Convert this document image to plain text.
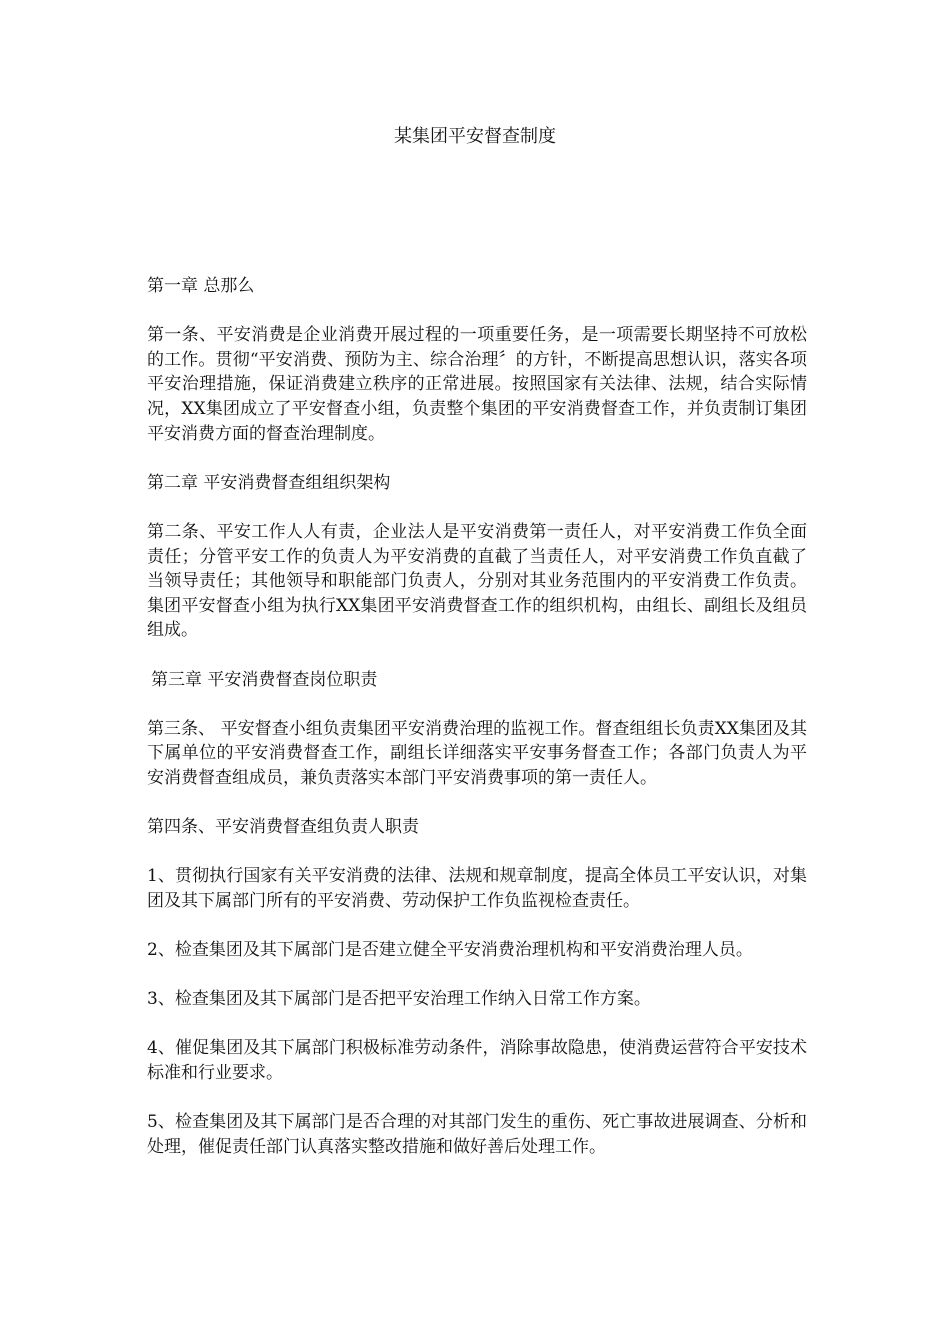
某集团平安督查制度

第一章 总那么

第一条、平安消费是企业消费开展过程的一项重要任务，是一项需要长期坚持不可放松的工作。贯彻“平安消费、预防为主、综合治理〞的方针，不断提高思想认识，落实各项平安治理措施，保证消费建立秩序的正常进展。按照国家有关法律、法规，结合实际情况，XX集团成立了平安督查小组，负责整个集团的平安消费督查工作，并负责制订集团平安消费方面的督查治理制度。

第二章 平安消费督查组组织架构

第二条、平安工作人人有责，企业法人是平安消费第一责任人，对平安消费工作负全面责任；分管平安工作的负责人为平安消费的直截了当责任人，对平安消费工作负直截了当领导责任；其他领导和职能部门负责人，分别对其业务范围内的平安消费工作负责。集团平安督查小组为执行XX集团平安消费督查工作的组织机构，由组长、副组长及组员组成。

第三章 平安消费督查岗位职责

第三条、 平安督查小组负责集团平安消费治理的监视工作。督查组组长负责XX集团及其下属单位的平安消费督查工作，副组长详细落实平安事务督查工作；各部门负责人为平安消费督查组成员，兼负责落实本部门平安消费事项的第一责任人。

第四条、平安消费督查组负责人职责

1、贯彻执行国家有关平安消费的法律、法规和规章制度，提高全体员工平安认识，对集团及其下属部门所有的平安消费、劳动保护工作负监视检查责任。

2、检查集团及其下属部门是否建立健全平安消费治理机构和平安消费治理人员。

3、检查集团及其下属部门是否把平安治理工作纳入日常工作方案。

4、催促集团及其下属部门积极标准劳动条件，消除事故隐患，使消费运营符合平安技术标准和行业要求。

5、检查集团及其下属部门是否合理的对其部门发生的重伤、死亡事故进展调查、分析和处理，催促责任部门认真落实整改措施和做好善后处理工作。
